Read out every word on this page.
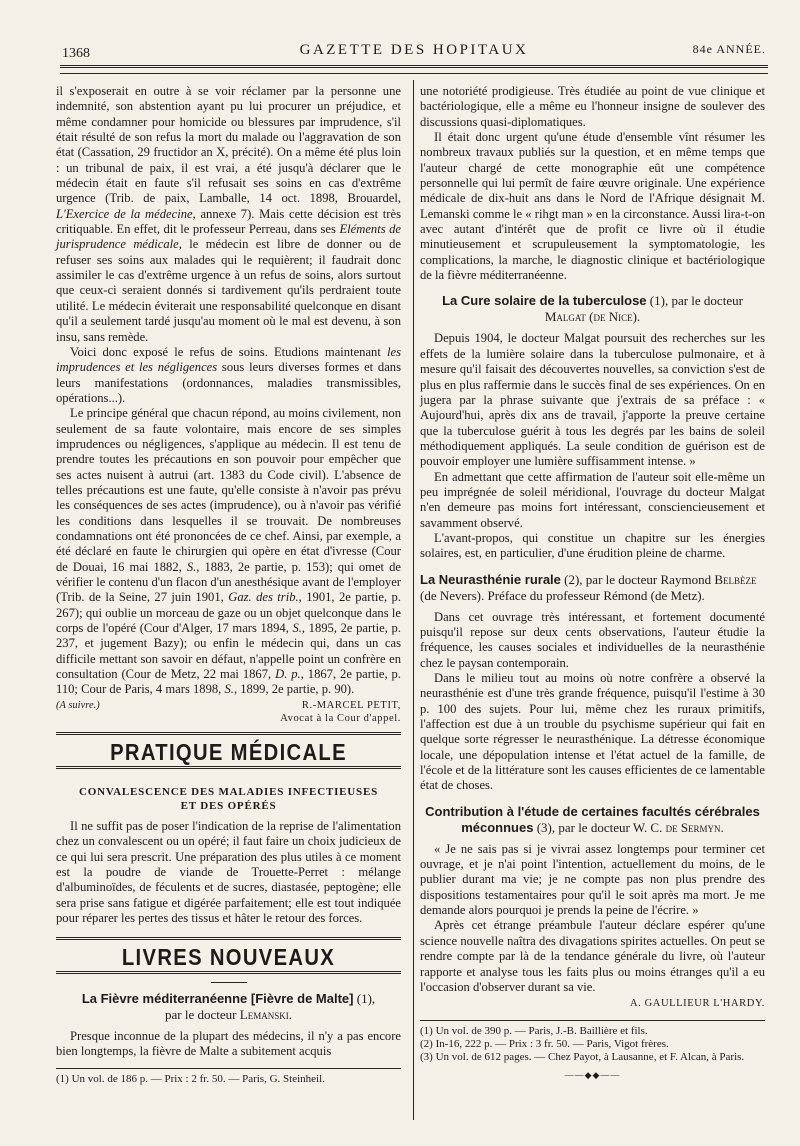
1368	GAZETTE DES HOPITAUX	84e ANNÉE.

il s'exposerait en outre à se voir réclamer par la personne une indemnité, son abstention ayant pu lui procurer un préjudice, et même condamner pour homicide ou blessures par imprudence, s'il était résulté de son refus la mort du malade ou l'aggravation de son état (Cassation, 29 fructidor an X, précité). On a même été plus loin : un tribunal de paix, il est vrai, a été jusqu'à déclarer que le médecin était en faute s'il refusait ses soins en cas d'extrême urgence (Trib. de paix, Lamballe, 14 oct. 1898, Brouardel, L'Exercice de la médecine, annexe 7). Mais cette décision est très critiquable. En effet, dit le professeur Perreau, dans ses Eléments de jurisprudence médicale, le médecin est libre de donner ou de refuser ses soins aux malades qui le requièrent; il faudrait donc assimiler le cas d'extrême urgence à un refus de soins, alors surtout que ceux-ci seraient donnés si tardivement qu'ils perdraient toute utilité. Le médecin éviterait une responsabilité quelconque en disant qu'il a seulement tardé jusqu'au moment où le mal est devenu, à son insu, sans remède.

Voici donc exposé le refus de soins. Etudions maintenant les imprudences et les négligences sous leurs diverses formes et dans leurs manifestations (ordonnances, maladies transmissibles, opérations...).

Le principe général que chacun répond, au moins civilement, non seulement de sa faute volontaire, mais encore de ses simples imprudences ou négligences, s'applique au médecin. Il est tenu de prendre toutes les précautions en son pouvoir pour empêcher que ses actes nuisent à autrui (art. 1383 du Code civil). L'absence de telles précautions est une faute, qu'elle consiste à n'avoir pas prévu les conséquences de ses actes (imprudence), ou à n'avoir pas vérifié les conditions dans lesquelles il se trouvait. De nombreuses condamnations ont été prononcées de ce chef. Ainsi, par exemple, a été déclaré en faute le chirurgien qui opère en état d'ivresse (Cour de Douai, 16 mai 1882, S., 1883, 2e partie, p. 153); qui omet de vérifier le contenu d'un flacon d'un anesthésique avant de l'employer (Trib. de la Seine, 27 juin 1901, Gaz. des trib., 1901, 2e partie, p. 267); qui oublie un morceau de gaze ou un objet quelconque dans le corps de l'opéré (Cour d'Alger, 17 mars 1894, S., 1895, 2e partie, p. 237, et jugement Bazy); ou enfin le médecin qui, dans un cas difficile mettant son savoir en défaut, n'appelle point un confrère en consultation (Cour de Metz, 22 mai 1867, D. p., 1867, 2e partie, p. 110; Cour de Paris, 4 mars 1898, S., 1899, 2e partie, p. 90).

(A suivre.)	R.-MARCEL PETIT,
Avocat à la Cour d'appel.
PRATIQUE MÉDICALE
CONVALESCENCE DES MALADIES INFECTIEUSES
ET DES OPÉRÉS

Il ne suffit pas de poser l'indication de la reprise de l'alimentation chez un convalescent ou un opéré; il faut faire un choix judicieux de ce qui lui sera prescrit. Une préparation des plus utiles à ce moment est la poudre de viande de Trouette-Perret : mélange d'albuminoïdes, de féculents et de sucres, diastasée, peptogène; elle sera prise sans fatigue et digérée parfaitement; elle est tout indiquée pour réparer les pertes des tissus et hâter le retour des forces.

LIVRES NOUVEAUX
La Fièvre méditerranéenne [Fièvre de Malte] (1),
par le docteur Lemanski.

Presque inconnue de la plupart des médecins, il n'y a pas encore bien longtemps, la fièvre de Malte a subitement acquis

(1) Un vol. de 186 p. — Prix : 2 fr. 50. — Paris, G. Steinheil.

une notoriété prodigieuse. Très étudiée au point de vue clinique et bactériologique, elle a même eu l'honneur insigne de soulever des discussions quasi-diplomatiques.

Il était donc urgent qu'une étude d'ensemble vînt résumer les nombreux travaux publiés sur la question, et en même temps que l'auteur chargé de cette monographie eût une compétence personnelle qui lui permît de faire œuvre originale. Une expérience médicale de dix-huit ans dans le Nord de l'Afrique désignait M. Lemanski comme le « rihgt man » en la circonstance. Aussi lira-t-on avec autant d'intérêt que de profit ce livre où il étudie minutieusement et scrupuleusement la symptomatologie, les complications, la marche, le diagnostic clinique et bactériologique de la fièvre méditerranéenne.

La Cure solaire de la tuberculose (1), par le docteur
Malgat (de Nice).

Depuis 1904, le docteur Malgat poursuit des recherches sur les effets de la lumière solaire dans la tuberculose pulmonaire, et à mesure qu'il faisait des découvertes nouvelles, sa conviction s'est de plus en plus raffermie dans le succès final de ses expériences. On en jugera par la phrase suivante que j'extrais de sa préface : « Aujourd'hui, après dix ans de travail, j'apporte la preuve certaine que la tuberculose guérit à tous les degrés par les bains de soleil méthodiquement appliqués. La seule condition de guérison est de pouvoir employer une lumière suffisamment intense. »

En admettant que cette affirmation de l'auteur soit elle-même un peu imprégnée de soleil méridional, l'ouvrage du docteur Malgat n'en demeure pas moins fort intéressant, consciencieusement et savamment observé.

L'avant-propos, qui constitue un chapitre sur les énergies solaires, est, en particulier, d'une érudition pleine de charme.

La Neurasthénie rurale (2), par le docteur Raymond Belbèze (de Nevers). Préface du professeur Rémond (de Metz).

Dans cet ouvrage très intéressant, et fortement documenté puisqu'il repose sur deux cents observations, l'auteur étudie la fréquence, les causes sociales et individuelles de la neurasthénie chez le paysan contemporain.

Dans le milieu tout au moins où notre confrère a observé la neurasthénie est d'une très grande fréquence, puisqu'il l'estime à 30 p. 100 des sujets. Pour lui, même chez les ruraux primitifs, l'affection est due à un trouble du psychisme supérieur qui fait en quelque sorte régresser le neurasthénique. La détresse économique locale, une dépopulation intense et l'état actuel de la famille, de l'école et de la littérature sont les causes efficientes de ce lamentable état de choses.

Contribution à l'étude de certaines facultés cérébrales
méconnues (3), par le docteur W. C. de Sermyn.

« Je ne sais pas si je vivrai assez longtemps pour terminer cet ouvrage, et je n'ai point l'intention, actuellement du moins, de le publier durant ma vie; je ne compte pas non plus prendre des dispositions testamentaires pour qu'il le soit après ma mort. Je me demande alors pourquoi je prends la peine de l'écrire. »

Après cet étrange préambule l'auteur déclare espérer qu'une science nouvelle naîtra des divagations spirites actuelles. On peut se rendre compte par là de la tendance générale du livre, où l'auteur rapporte et analyse tous les faits plus ou moins étranges qu'il a eu l'occasion d'observer durant sa vie.

A. GAULLIEUR L'HARDY.

(1) Un vol. de 390 p. — Paris, J.-B. Baillière et fils.

(2) In-16, 222 p. — Prix : 3 fr. 50. — Paris, Vigot frères.

(3) Un vol. de 612 pages. — Chez Payot, à Lausanne, et F. Alcan, à Paris.

——◆◆——
